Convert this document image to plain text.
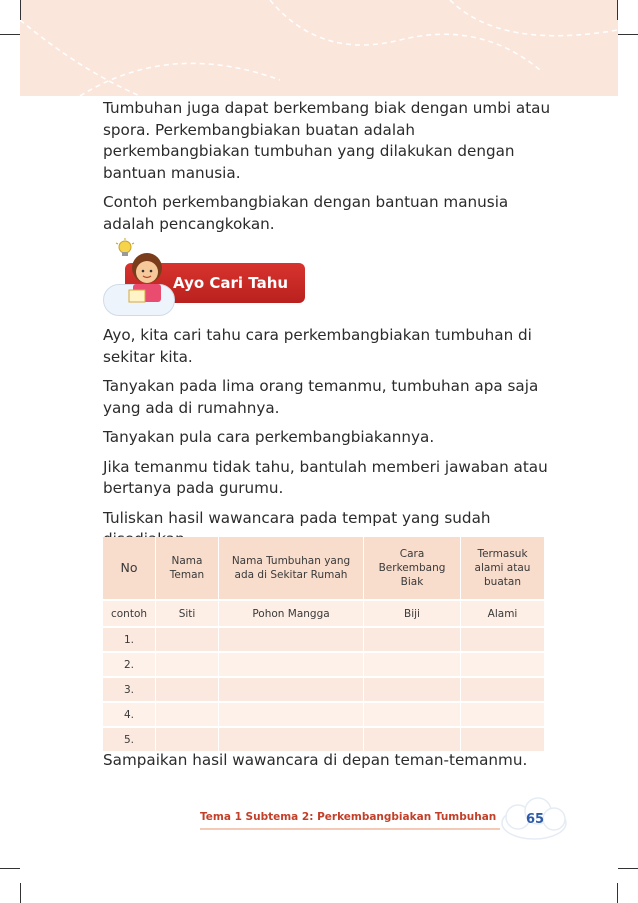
Tumbuhan juga dapat berkembang biak dengan umbi atau spora. Perkembangbiakan buatan adalah perkembangbiakan tumbuhan yang dilakukan dengan bantuan manusia.

Contoh perkembangbiakan dengan bantuan manusia adalah pencangkokan.

Ayo Cari Tahu

Ayo, kita cari tahu cara perkembangbiakan tumbuhan di sekitar kita.

Tanyakan pada lima orang temanmu, tumbuhan apa saja yang ada di rumahnya.

Tanyakan pula cara perkembangbiakannya.

Jika temanmu tidak tahu, bantulah memberi jawaban atau bertanya pada gurumu.

Tuliskan hasil wawancara pada tempat yang sudah

No	Nama Teman	Nama Tumbuhan yang ada di Sekitar Rumah	Cara Berkembang Biak	Termasuk alami atau buatan
contoh	Siti	Pohon Mangga	Biji	Alami
1.				
2.				
3.				
4.				
5.				

Sampaikan hasil wawancara di depan teman-temanmu.

Tema 1 Subtema 2: Perkembangbiakan Tumbuhan	65
